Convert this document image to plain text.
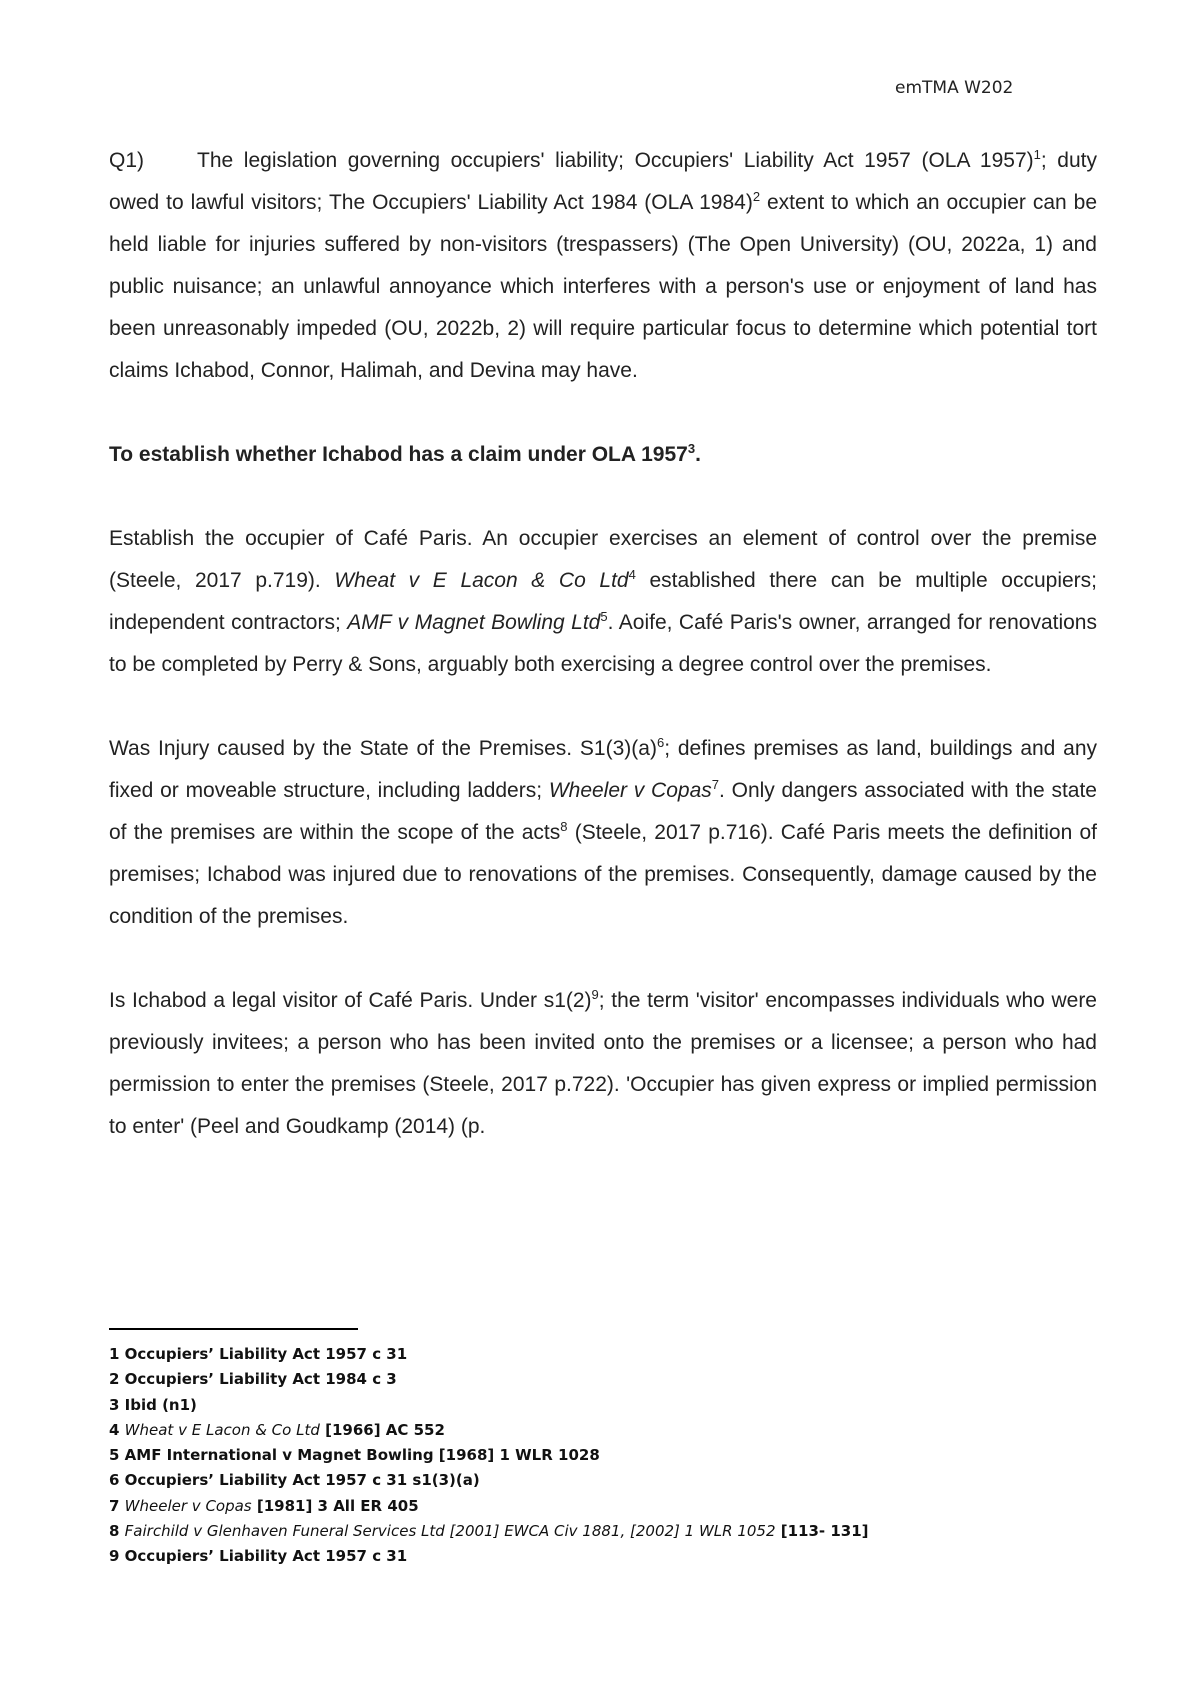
emTMA W202

Q1)	The legislation governing occupiers' liability; Occupiers' Liability Act 1957 (OLA 1957)$^1$; duty owed to lawful visitors; The Occupiers' Liability Act 1984 (OLA 1984)$^2$ extent to which an occupier can be held liable for injuries suffered by non-visitors (trespassers) (The Open University) (OU, 2022a, 1) and public nuisance; an unlawful annoyance which interferes with a person's use or enjoyment of land has been unreasonably impeded (OU, 2022b, 2) will require particular focus to determine which potential tort claims Ichabod, Connor, Halimah, and Devina may have.

To establish whether Ichabod has a claim under OLA 1957$^3$.

Establish the occupier of Café Paris. An occupier exercises an element of control over the premise (Steele, 2017 p.719). Wheat v E Lacon & Co Ltd$^4$ established there can be multiple occupiers; independent contractors; AMF v Magnet Bowling Ltd$^5$. Aoife, Café Paris's owner, arranged for renovations to be completed by Perry & Sons, arguably both exercising a degree control over the premises.

Was Injury caused by the State of the Premises. $S1(3)(a)^6$; defines premises as land, buildings and any fixed or moveable structure, including ladders; Wheeler v Copas$^7$. Only dangers associated with the state of the premises are within the scope of the acts$^8$ (Steele, 2017 p.716). Café Paris meets the definition of premises; Ichabod was injured due to renovations of the premises. Consequently, damage caused by the condition of the premises.

Is Ichabod a legal visitor of Café Paris. Under $s1(2)^9$; the term 'visitor' encompasses individuals who were previously invitees; a person who has been invited onto the premises or a licensee; a person who had permission to enter the premises (Steele, 2017 p.722). 'Occupier has given express or implied permission to enter' (Peel and Goudkamp (2014) (p.

1 Occupiers’ Liability Act 1957 c 31
2 Occupiers’ Liability Act 1984 c 3
3 Ibid (n1)
4 Wheat v E Lacon & Co Ltd [1966] AC 552
5 AMF International v Magnet Bowling [1968] 1 WLR 1028
6 Occupiers’ Liability Act 1957 c 31 s1(3)(a)
7 Wheeler v Copas [1981] 3 All ER 405
8 Fairchild v Glenhaven Funeral Services Ltd [2001] EWCA Civ 1881, [2002] 1 WLR 1052 [113- 131]
9 Occupiers’ Liability Act 1957 c 31
